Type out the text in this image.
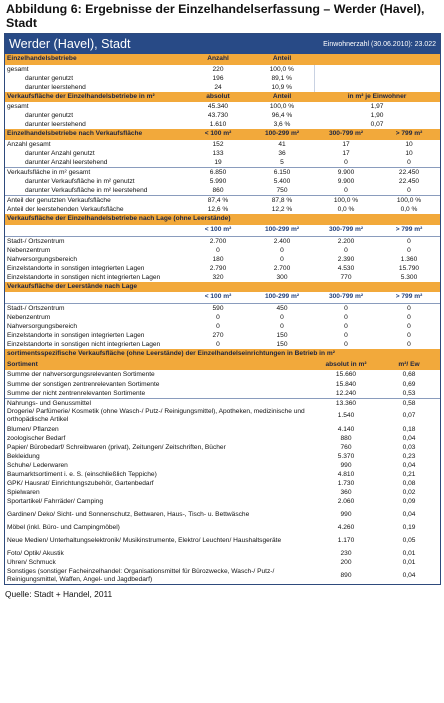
Abbildung 6: Ergebnisse der Einzelhandelserfassung – Werder (Havel), Stadt
Werder (Havel), Stadt	Einwohnerzahl (30.06.2010): 23.022
Einzelhandelsbetriebe	Anzahl	Anteil		
gesamt	220	100,0 %		
darunter genutzt	196	89,1 %		
darunter leerstehend	24	10,9 %		
Verkaufsfläche der Einzelhandelsbetriebe in m²	absolut	Anteil	in m² je Einwohner	
gesamt	45.340	100,0 %	1,97	
darunter genutzt	43.730	96,4 %	1,90	
darunter leerstehend	1.610	3,6 %	0,07	
Einzelhandelsbetriebe nach Verkaufsfläche	< 100 m²	100-299 m²	300-799 m²	> 799 m²
Anzahl gesamt	152	41	17	10
darunter Anzahl genutzt	133	36	17	10
darunter Anzahl leerstehend	19	5	0	0
Verkaufsfläche in m² gesamt	6.850	6.150	9.900	22.450
darunter Verkaufsfläche in m² genutzt	5.990	5.400	9.900	22.450
darunter Verkaufsfläche in m² leerstehend	860	750	0	0
Anteil der genutzten Verkaufsfläche	87,4 %	87,8 %	100,0 %	100,0 %
Anteil der leerstehenden Verkaufsfläche	12,6 %	12,2 %	0,0 %	0,0 %
Verkaufsfläche der Einzelhandelsbetriebe nach Lage (ohne Leerstände)				
	< 100 m²	100-299 m²	300-799 m²	> 799 m²
Stadt-/ Ortszentrum	2.700	2.400	2.200	0
Nebenzentrum	0	0	0	0
Nahversorgungsbereich	180	0	2.390	1.360
Einzelstandorte in sonstigen integrierten Lagen	2.790	2.700	4.530	15.790
Einzelstandorte in sonstigen nicht integrierten Lagen	320	300	770	5.300
Verkaufsfläche der Leerstände nach Lage				
	< 100 m²	100-299 m²	300-799 m²	> 799 m²
Stadt-/ Ortszentrum	590	450	0	0
Nebenzentrum	0	0	0	0
Nahversorgungsbereich	0	0	0	0
Einzelstandorte in sonstigen integrierten Lagen	270	150	0	0
Einzelstandorte in sonstigen nicht integrierten Lagen	0	150	0	0
sortimentsspezifische Verkaufsfläche (ohne Leerstände) der Einzelhandelseinrichtungen in Betrieb in m²				
Sortiment			absolut in m²	m²/ Ew
Summe der nahversorgungsrelevanten Sortimente			15.660	0,68
Summe der sonstigen zentrenrelevanten Sortimente			15.840	0,69
Summe der nicht zentrenrelevanten Sortimente			12.240	0,53
Nahrungs- und Genussmittel			13.360	0,58
Drogerie/ Parfümerie/ Kosmetik (ohne Wasch-/ Putz-/ Reinigungsmittel), Apotheken, medizinische und orthopädische Artikel			1.540	0,07
Blumen/ Pflanzen			4.140	0,18
zoologischer Bedarf			880	0,04
Papier/ Bürobedarf/ Schreibwaren (privat), Zeitungen/ Zeitschriften, Bücher			760	0,03
Bekleidung			5.370	0,23
Schuhe/ Lederwaren			990	0,04
Baumarktsortiment i. e. S. (einschließlich Teppiche)			4.810	0,21
GPK/ Hausrat/ Einrichtungszubehör, Gartenbedarf			1.730	0,08
Spielwaren			360	0,02
Sportartikel/ Fahrräder/ Camping			2.060	0,09
Gardinen/ Deko/ Sicht- und Sonnenschutz, Bettwaren, Haus-, Tisch- u. Bettwäsche			990	0,04
Möbel (inkl. Büro- und Campingmöbel)			4.260	0,19
Neue Medien/ Unterhaltungselektronik/ Musikinstrumente, Elektro/ Leuchten/ Haushaltsgeräte			1.170	0,05
Foto/ Optik/ Akustik			230	0,01
Uhren/ Schmuck			200	0,01
Sonstiges (sonstiger Facheinzelhandel: Organisationsmittel für Bürozwecke, Wasch-/ Putz-/ Reinigungsmittel, Waffen, Angel- und Jagdbedarf)			890	0,04
Quelle: Stadt + Handel, 2011
